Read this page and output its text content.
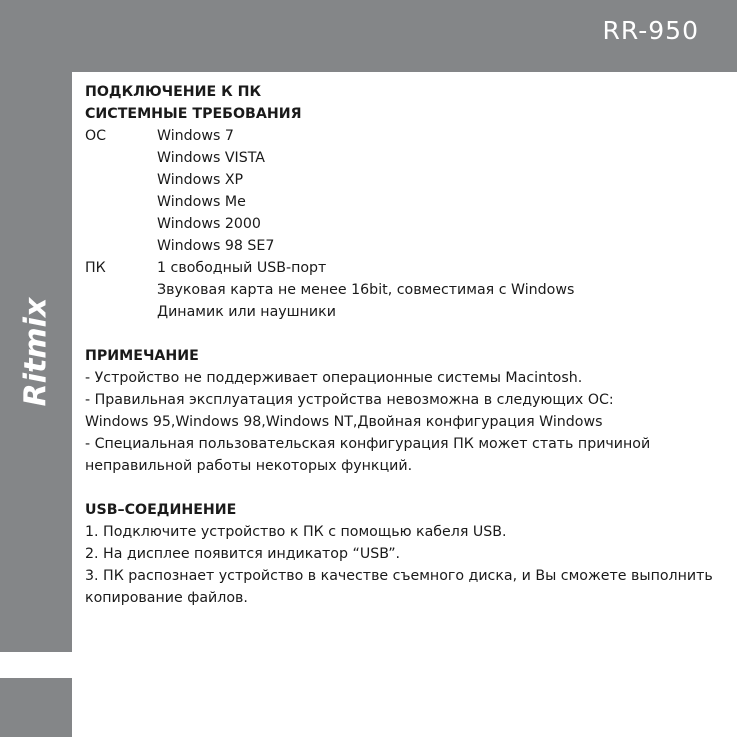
RR-950
Ritmix
ПОДКЛЮЧЕНИЕ К ПК
СИСТЕМНЫЕ ТРЕБОВАНИЯ
ОС	Windows 7
Windows VISTA
Windows XP
Windows Me
Windows 2000
Windows 98 SE7
ПК	1 свободный USB-порт
Звуковая карта не менее 16bit, совместимая с Windows
Динамик или наушники
ПРИМЕЧАНИЕ
- Устройство не поддерживает операционные системы Macintosh.
- Правильная эксплуатация устройства невозможна в следующих ОС:
Windows 95,Windows 98,Windows NT,Двойная конфигурация Windows
- Специальная пользовательская конфигурация ПК может стать причиной
неправильной работы некоторых функций.
USB–СОЕДИНЕНИЕ
1. Подключите устройство к ПК с помощью кабеля USB.
2. На дисплее появится индикатор “USB”.
3. ПК распознает устройство в качестве съемного диска, и Вы сможете выполнить
копирование файлов.
